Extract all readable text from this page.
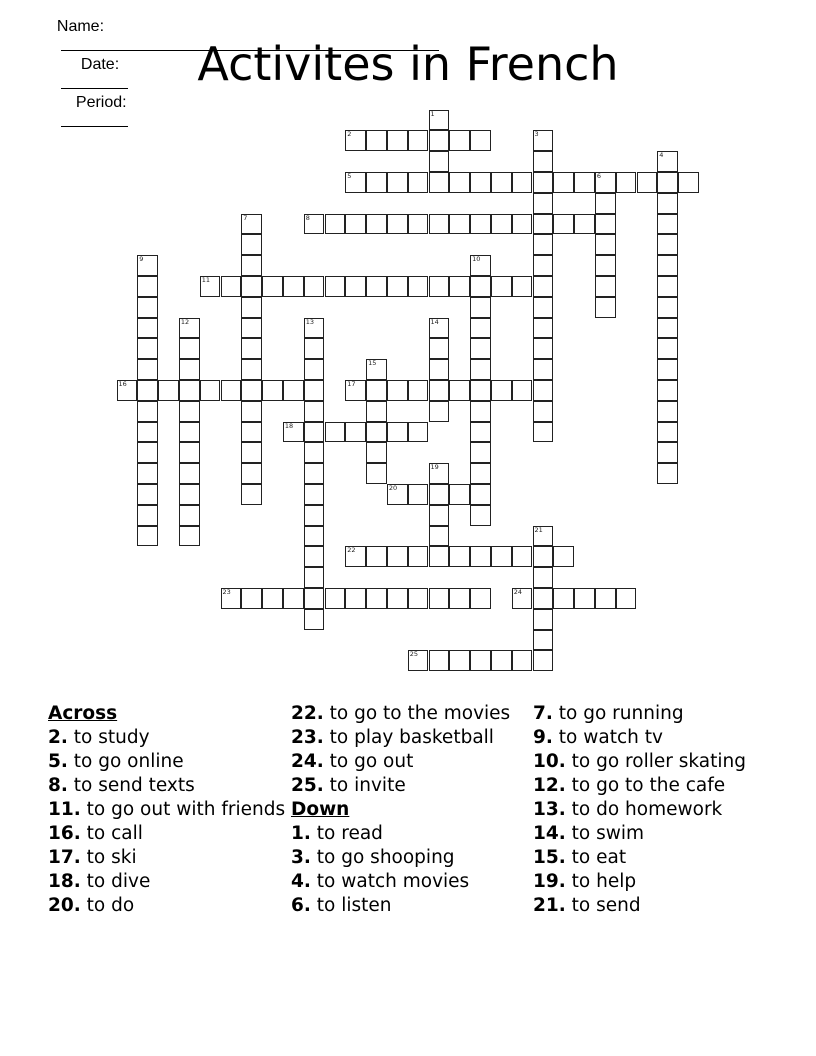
Name:

Date:

Period:

Activites in French
1
2	3
4
5	6
7	8
9	10
11
12	13	14
15
16	17
18
19
20
21
22
23	24
25
Across
2. to study
5. to go online
8. to send texts
11. to go out with friends
16. to call
17. to ski
18. to dive
20. to do
22. to go to the movies
23. to play basketball
24. to go out
25. to invite
Down
1. to read
3. to go shooping
4. to watch movies
6. to listen
7. to go running
9. to watch tv
10. to go roller skating
12. to go to the cafe
13. to do homework
14. to swim
15. to eat
19. to help
21. to send
